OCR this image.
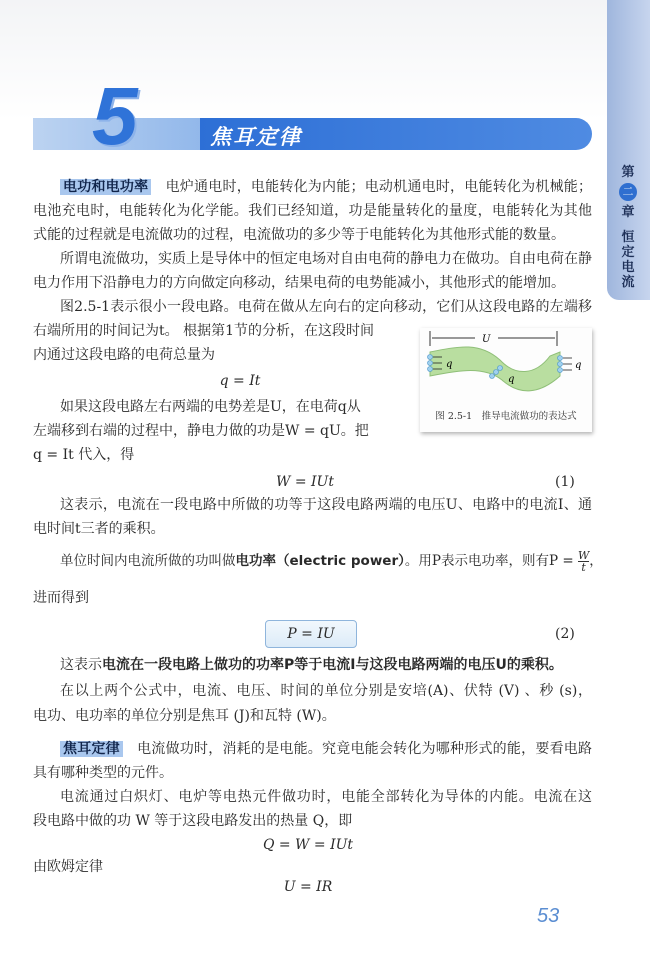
第
二
章
恒
定
电
流
焦耳定律
5
电功和电功率　 电炉通电时，电能转化为内能；电动机通电时，电能转化为机械能；
电池充电时，电能转化为化学能。我们已经知道，功是能量转化的量度，电能转化为其他
式能的过程就是电流做功的过程，电流做功的多少等于电能转化为其他形式能的数量。
所谓电流做功，实质上是导体中的恒定电场对自由电荷的静电力在做功。自由电荷在静
电力作用下沿静电力的方向做定向移动，结果电荷的电势能减小，其他形式的能增加。
图2.5-1表示很小一段电路。电荷在做从左向右的定向移动，它们从这段电路的左端移
右端所用的时间记为t。 根据第1节的分析，在这段时间
内通过这段电路的电荷总量为
q = It
如果这段电路左右两端的电势差是U，在电荷q从
左端移到右端的过程中，静电力做的功是W = qU。把
q = It 代入，得
W = IUt	(1)
U
q
q
q
图 2.5-1　推导电流做功的表达式
这表示，电流在一段电路中所做的功等于这段电路两端的电压U、电路中的电流I、通
电时间t三者的乘积。
单位时间内电流所做的功叫做电功率（electric power）。用P表示电功率，则有$P = \frac{W}{t}$，
进而得到
P = IU	(2)
这表示电流在一段电路上做功的功率P等于电流I与这段电路两端的电压U的乘积。
在以上两个公式中，电流、电压、时间的单位分别是安培(A)、伏特 (V) 、秒 (s)，
电功、电功率的单位分别是焦耳 (J)和瓦特 (W)。
焦耳定律　 电流做功时，消耗的是电能。究竟电能会转化为哪种形式的能，要看电路
具有哪种类型的元件。
电流通过白炽灯、电炉等电热元件做功时，电能全部转化为导体的内能。电流在这
段电路中做的功 W 等于这段电路发出的热量 Q，即
Q = W = IUt
由欧姆定律
U = IR
53
